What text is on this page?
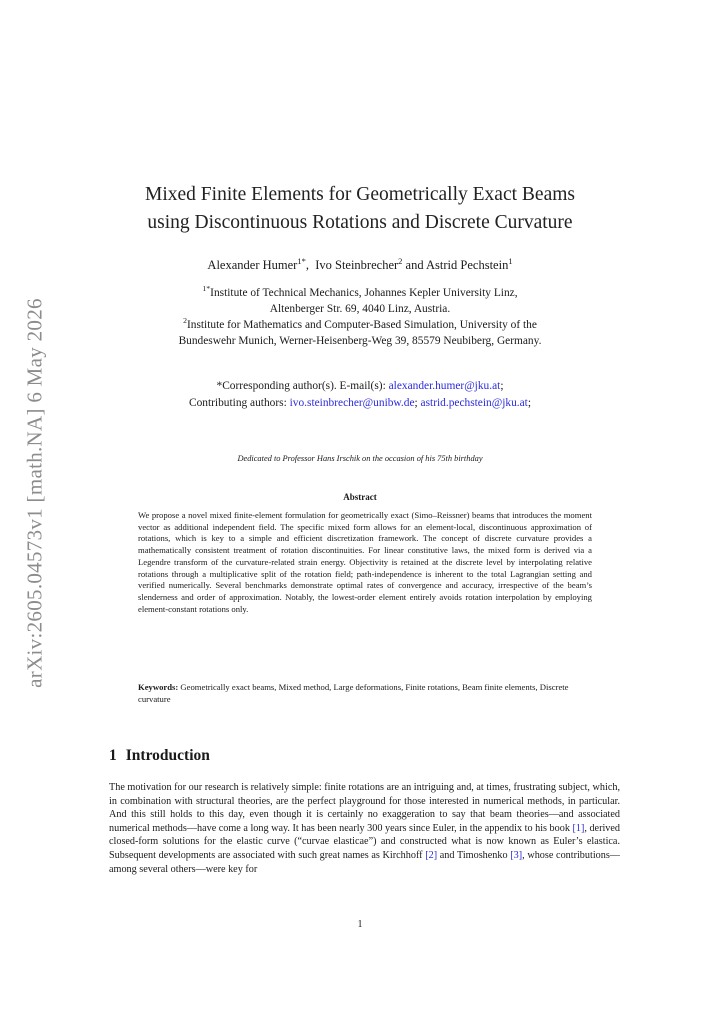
arXiv:2605.04573v1 [math.NA] 6 May 2026
Mixed Finite Elements for Geometrically Exact Beams
using Discontinuous Rotations and Discrete Curvature
Alexander Humer$^{1*}$, Ivo Steinbrecher$^2$ and Astrid Pechstein$^1$
$^{1*}$Institute of Technical Mechanics, Johannes Kepler University Linz,
Altenberger Str. 69, 4040 Linz, Austria.
$^2$Institute for Mathematics and Computer-Based Simulation, University of the
Bundeswehr Munich, Werner-Heisenberg-Weg 39, 85579 Neubiberg, Germany.
*Corresponding author(s). E-mail(s): alexander.humer@jku.at;
Contributing authors: ivo.steinbrecher@unibw.de; astrid.pechstein@jku.at;
Dedicated to Professor Hans Irschik on the occasion of his 75th birthday
Abstract
We propose a novel mixed finite-element formulation for geometrically exact (Simo–Reissner) beams that introduces the moment vector as additional independent field. The specific mixed form allows for an element-local, discontinuous approximation of rotations, which is key to a simple and efficient discretization framework. The concept of discrete curvature provides a mathematically consistent treatment of rotation discontinuities. For linear constitutive laws, the mixed form is derived via a Legendre transform of the curvature-related strain energy. Objectivity is retained at the discrete level by interpolating relative rotations through a multiplicative split of the rotation field; path-independence is inherent to the total Lagrangian setting and verified numerically. Several benchmarks demonstrate optimal rates of convergence and accuracy, irrespective of the beam’s slenderness and order of approximation. Notably, the lowest-order element entirely avoids rotation interpolation by employing element-constant rotations only.
Keywords: Geometrically exact beams, Mixed method, Large deformations, Finite rotations, Beam finite elements, Discrete curvature
1 Introduction
The motivation for our research is relatively simple: finite rotations are an intriguing and, at times, frustrating subject, which, in combination with structural theories, are the perfect playground for those interested in numerical methods, in particular. And this still holds to this day, even though it is certainly no exaggeration to say that beam theories—and associated numerical methods—have come a long way. It has been nearly 300 years since Euler, in the appendix to his book [1], derived closed-form solutions for the elastic curve (“curvae elasticae”) and constructed what is now known as Euler’s elastica. Subsequent developments are associated with such great names as Kirchhoff [2] and Timoshenko [3], whose contributions—among several others—were key for
1
